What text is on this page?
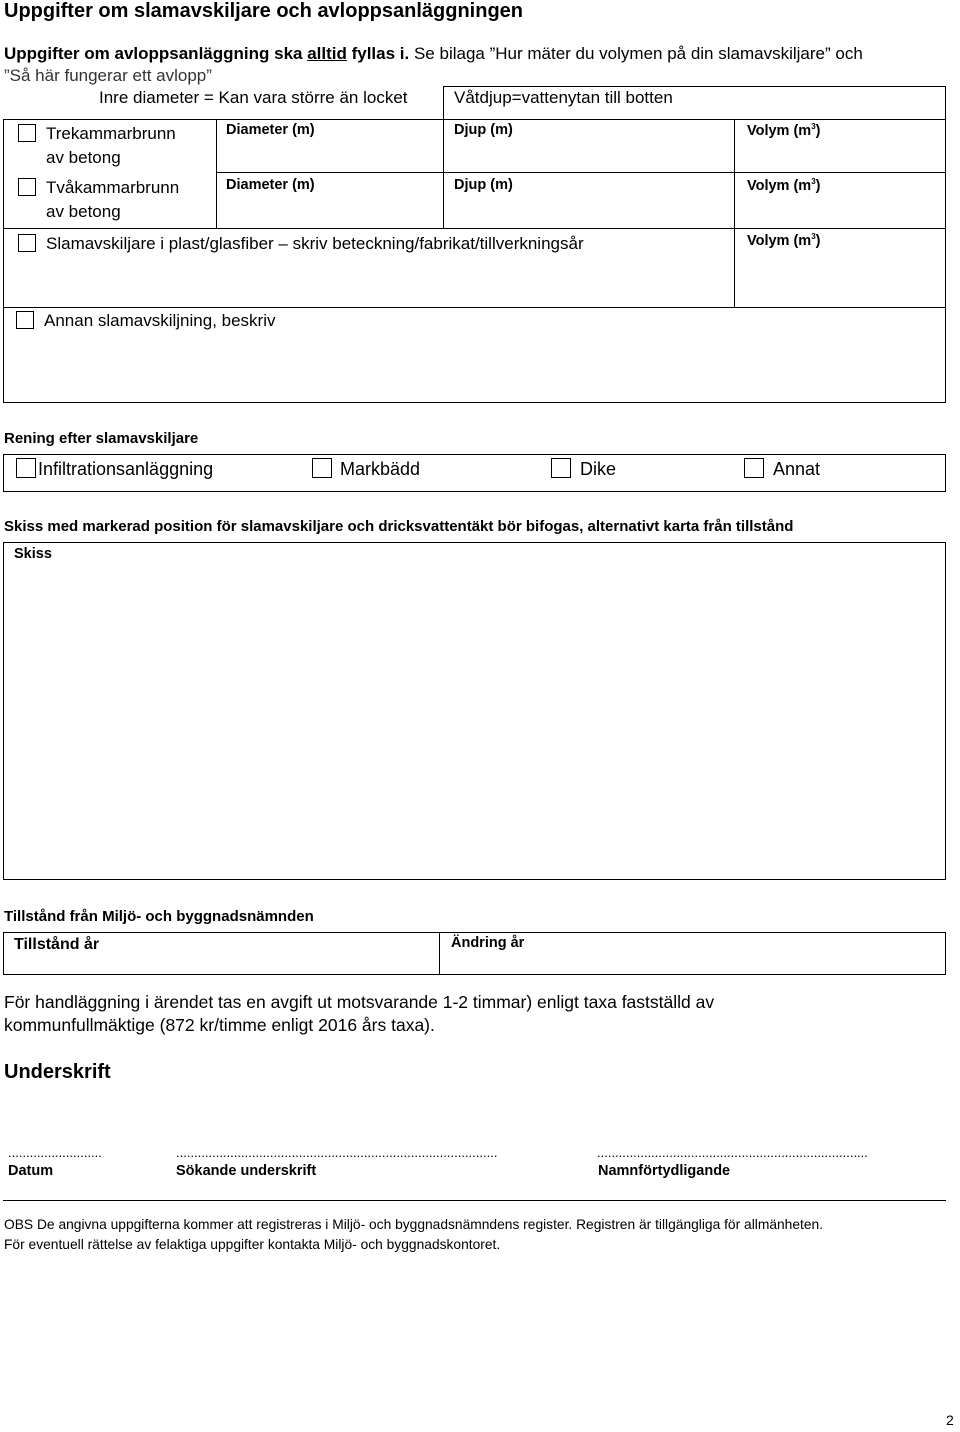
Uppgifter om slamavskiljare och avloppsanläggningen
Uppgifter om avloppsanläggning ska alltid fyllas i. Se bilaga ”Hur mäter du volymen på din slamavskiljare” och
”Så här fungerar ett avlopp”
Inre diameter = Kan vara större än locket	Våtdjup=vattenytan till botten
Trekammarbrunn
av betong
Diameter (m)	Djup (m)	Volym $(m^3)$
Tvåkammarbrunn
av betong
Diameter (m)	Djup (m)	Volym $(m^3)$
Slamavskiljare i plast/glasfiber – skriv beteckning/fabrikat/tillverkningsår	Volym $(m^3)$
Annan slamavskiljning, beskriv
Rening efter slamavskiljare
Infiltrationsanläggning	Markbädd	Dike	Annat
Skiss med markerad position för slamavskiljare och dricksvattentäkt bör bifogas, alternativt karta från tillstånd
Skiss
Tillstånd från Miljö- och byggnadsnämnden
Tillstånd år	Ändring år
För handläggning i ärendet tas en avgift ut motsvarande 1-2 timmar) enligt taxa fastställd av
kommunfullmäktige (872 kr/timme enligt 2016 års taxa).
Underskrift
..........................	.........................................................................................	...........................................................................
Datum	Sökande underskrift	Namnförtydligande
OBS De angivna uppgifterna kommer att registreras i Miljö- och byggnadsnämndens register. Registren är tillgängliga för allmänheten.
För eventuell rättelse av felaktiga uppgifter kontakta Miljö- och byggnadskontoret.
2
